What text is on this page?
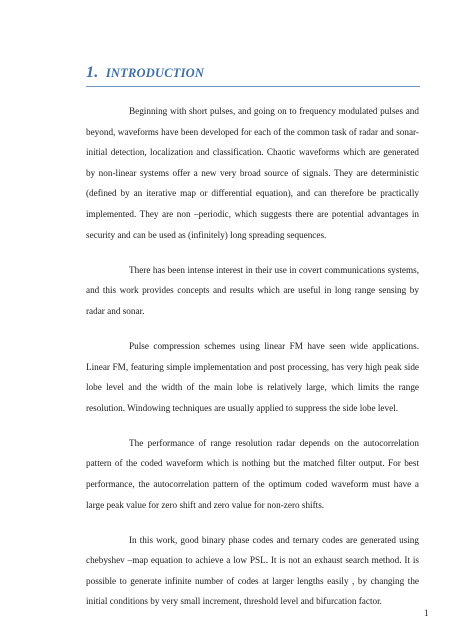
1. INTRODUCTION

Beginning with short pulses, and going on to frequency modulated pulses and beyond, waveforms have been developed for each of the common task of radar and sonar-initial detection, localization and classification. Chaotic waveforms which are generated by non-linear systems offer a new very broad source of signals. They are deterministic (defined by an iterative map or differential equation), and can therefore be practically implemented. They are non –periodic, which suggests there are potential advantages in security and can be used as (infinitely) long spreading sequences.

There has been intense interest in their use in covert communications systems, and this work provides concepts and results which are useful in long range sensing by radar and sonar.

Pulse compression schemes using linear FM have seen wide applications. Linear FM, featuring simple implementation and post processing, has very high peak side lobe level and the width of the main lobe is relatively large, which limits the range resolution. Windowing techniques are usually applied to suppress the side lobe level.

The performance of range resolution radar depends on the autocorrelation pattern of the coded waveform which is nothing but the matched filter output. For best performance, the autocorrelation pattern of the optimum coded waveform must have a large peak value for zero shift and zero value for non-zero shifts.

In this work, good binary phase codes and ternary codes are generated using chebyshev –map equation to achieve a low PSL. It is not an exhaust search method. It is possible to generate infinite number of codes at larger lengths easily , by changing the initial conditions by very small increment, threshold level and bifurcation factor.

1
